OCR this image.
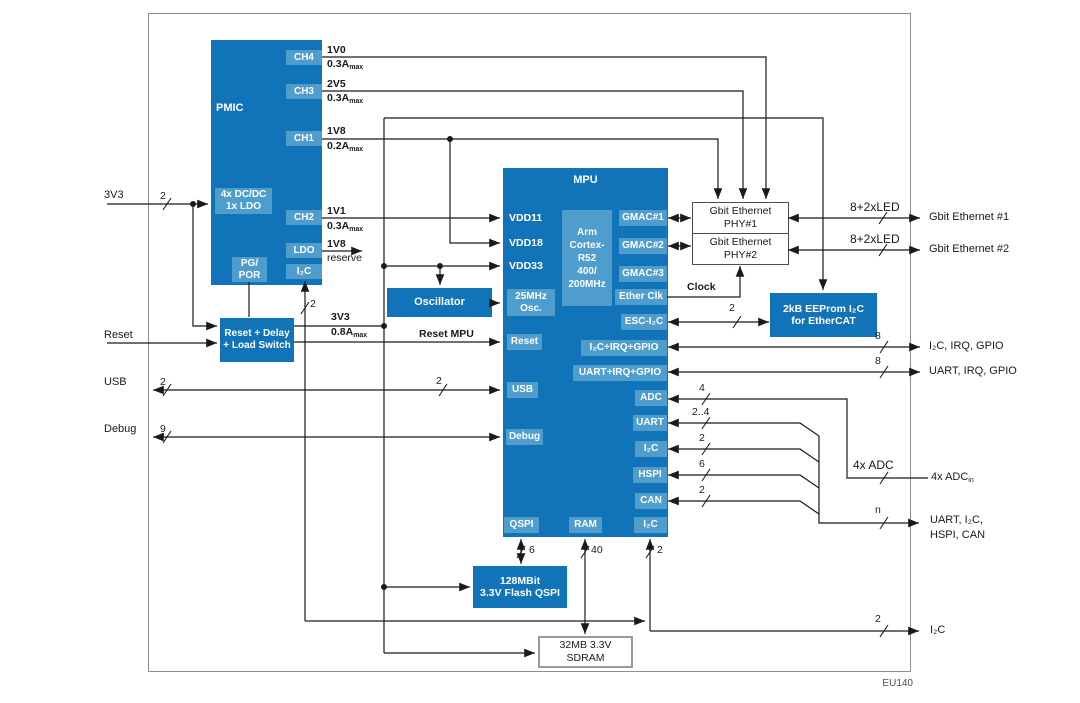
PMIC
4x DC/DC
1x LDO
PG/
POR
CH4
CH3
CH1
CH2
LDO
I₂C
Reset + Delay
+ Load Switch
Oscillator
MPU
VDD11
VDD18
VDD33
Arm
Cortex-
R52
400/
200MHz
25MHz
Osc.
Reset
USB
Debug
QSPI	RAM	I₂C
GMAC#1
GMAC#2
GMAC#3
Ether Clk
ESC-I₂C
I₂C+IRQ+GPIO
UART+IRQ+GPIO
ADC
UART
I₂C
HSPI
CAN
Gbit Ethernet
PHY#1
Gbit Ethernet
PHY#2
2kB EEProm I₂C
for EtherCAT
128MBit
3.3V Flash QSPI
32MB 3.3V
SDRAM
3V3
Reset
USB
Debug
1V0
$0.3A_{max}$
2V5
$0.3A_{max}$
1V8
$0.2A_{max}$
1V1
$0.3A_{max}$
1V8
reserve
3V3
$0.8A_{max}$	Reset MPU
Clock
2
2	2
9
2	2
8
8
4
2..4
2
6
2
6	40	2
n
2
8+2xLED
8+2xLED
4x ADC
Gbit Ethernet #1
Gbit Ethernet #2
I₂C, IRQ, GPIO
UART, IRQ, GPIO
4x $ADC_{in}$
UART, I₂C,
HSPI, CAN
I₂C
EU140
